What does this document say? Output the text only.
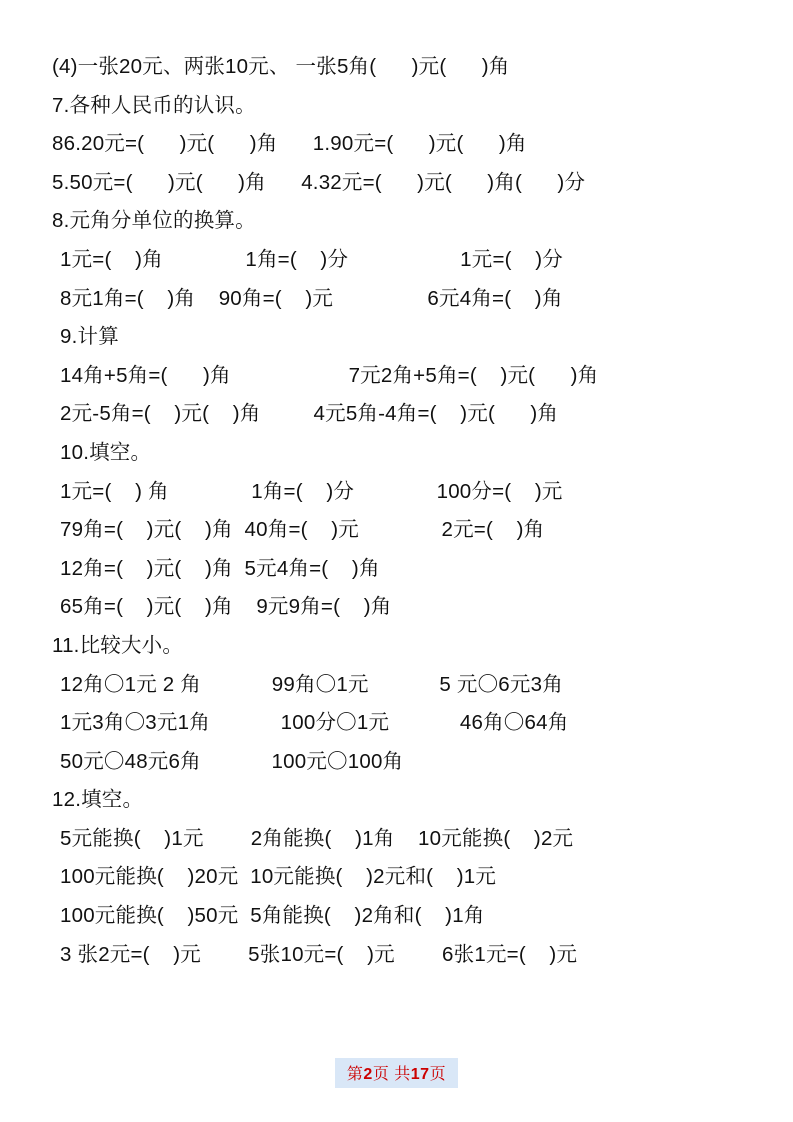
(4)一张20元、两张10元、 一张5角(      )元(      )角
7.各种人民币的认识。
86.20元=(      )元(      )角      1.90元=(      )元(      )角
5.50元=(      )元(      )角      4.32元=(      )元(      )角(      )分
8.元角分单位的换算。
1元=(    )角              1角=(    )分                   1元=(    )分
8元1角=(    )角    90角=(    )元                6元4角=(    )角
9.计算
14角+5角=(      )角                    7元2角+5角=(    )元(      )角
2元-5角=(    )元(    )角         4元5角-4角=(    )元(      )角
10.填空。
1元=(    ) 角              1角=(    )分              100分=(    )元
79角=(    )元(    )角  40角=(    )元              2元=(    )角
12角=(    )元(    )角  5元4角=(    )角
65角=(    )元(    )角    9元9角=(    )角
11.比较大小。
12角〇1元 2 角            99角〇1元            5 元〇6元3角
1元3角〇3元1角            100分〇1元            46角〇64角
50元〇48元6角            100元〇100角
12.填空。
5元能换(    )1元        2角能换(    )1角    10元能换(    )2元
100元能换(    )20元  10元能换(    )2元和(    )1元
100元能换(    )50元  5角能换(    )2角和(    )1角
3 张2元=(    )元        5张10元=(    )元        6张1元=(    )元
第2页 共17页
